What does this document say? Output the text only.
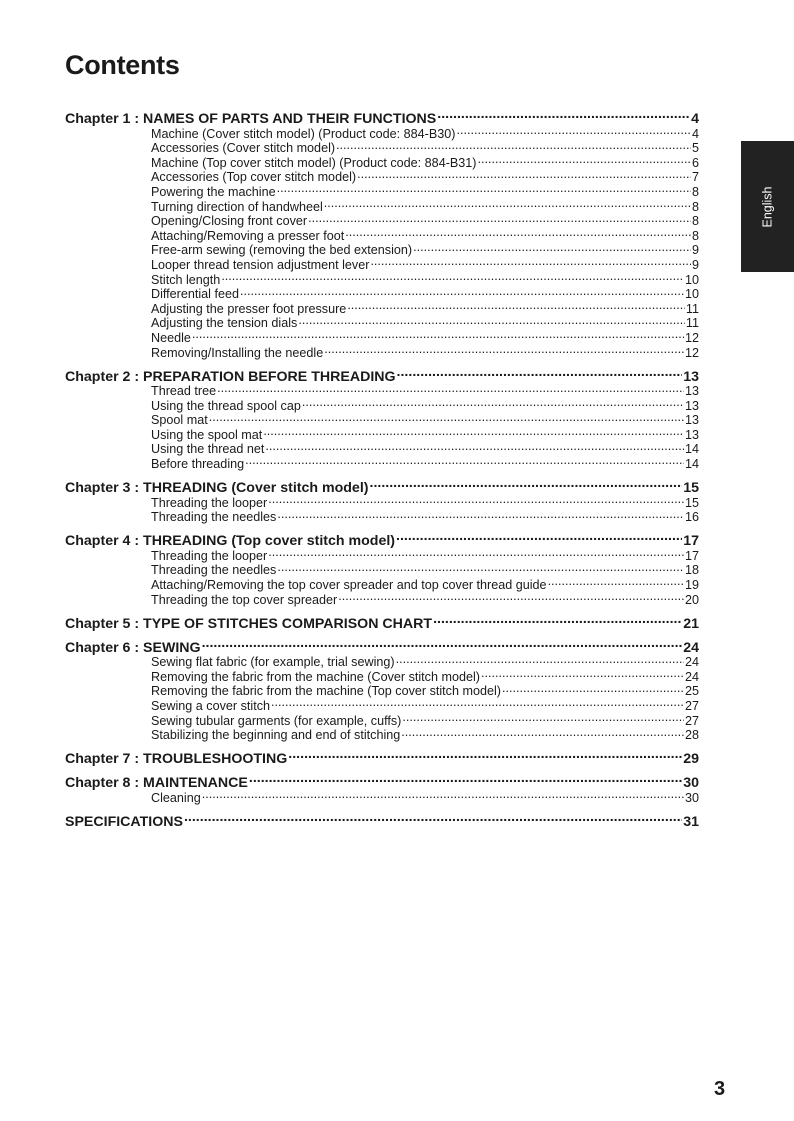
Contents
Chapter 1 : NAMES OF PARTS AND THEIR FUNCTIONS .....	4
Machine (Cover stitch model) (Product code: 884-B30) .....	4
Accessories (Cover stitch model) .....	5
Machine (Top cover stitch model) (Product code: 884-B31) .....	6
Accessories (Top cover stitch model) .....	7
Powering the machine .....	8
Turning direction of handwheel .....	8
Opening/Closing front cover .....	8
Attaching/Removing a presser foot .....	8
Free-arm sewing (removing the bed extension) .....	9
Looper thread tension adjustment lever .....	9
Stitch length .....	10
Differential feed .....	10
Adjusting the presser foot pressure .....	11
Adjusting the tension dials .....	11
Needle .....	12
Removing/Installing the needle .....	12
Chapter 2 : PREPARATION BEFORE THREADING .....	13
Thread tree .....	13
Using the thread spool cap .....	13
Spool mat .....	13
Using the spool mat .....	13
Using the thread net .....	14
Before threading .....	14
Chapter 3 : THREADING (Cover stitch model) .....	15
Threading the looper .....	15
Threading the needles .....	16
Chapter 4 : THREADING (Top cover stitch model) .....	17
Threading the looper .....	17
Threading the needles .....	18
Attaching/Removing the top cover spreader and top cover thread guide .....	19
Threading the top cover spreader .....	20
Chapter 5 : TYPE OF STITCHES COMPARISON CHART .....	21
Chapter 6 : SEWING .....	24
Sewing flat fabric (for example, trial sewing) .....	24
Removing the fabric from the machine (Cover stitch model) .....	24
Removing the fabric from the machine (Top cover stitch model) .....	25
Sewing a cover stitch .....	27
Sewing tubular garments (for example, cuffs) .....	27
Stabilizing the beginning and end of stitching .....	28
Chapter 7 : TROUBLESHOOTING .....	29
Chapter 8 : MAINTENANCE .....	30
Cleaning .....	30
SPECIFICATIONS .....	31
English
3
